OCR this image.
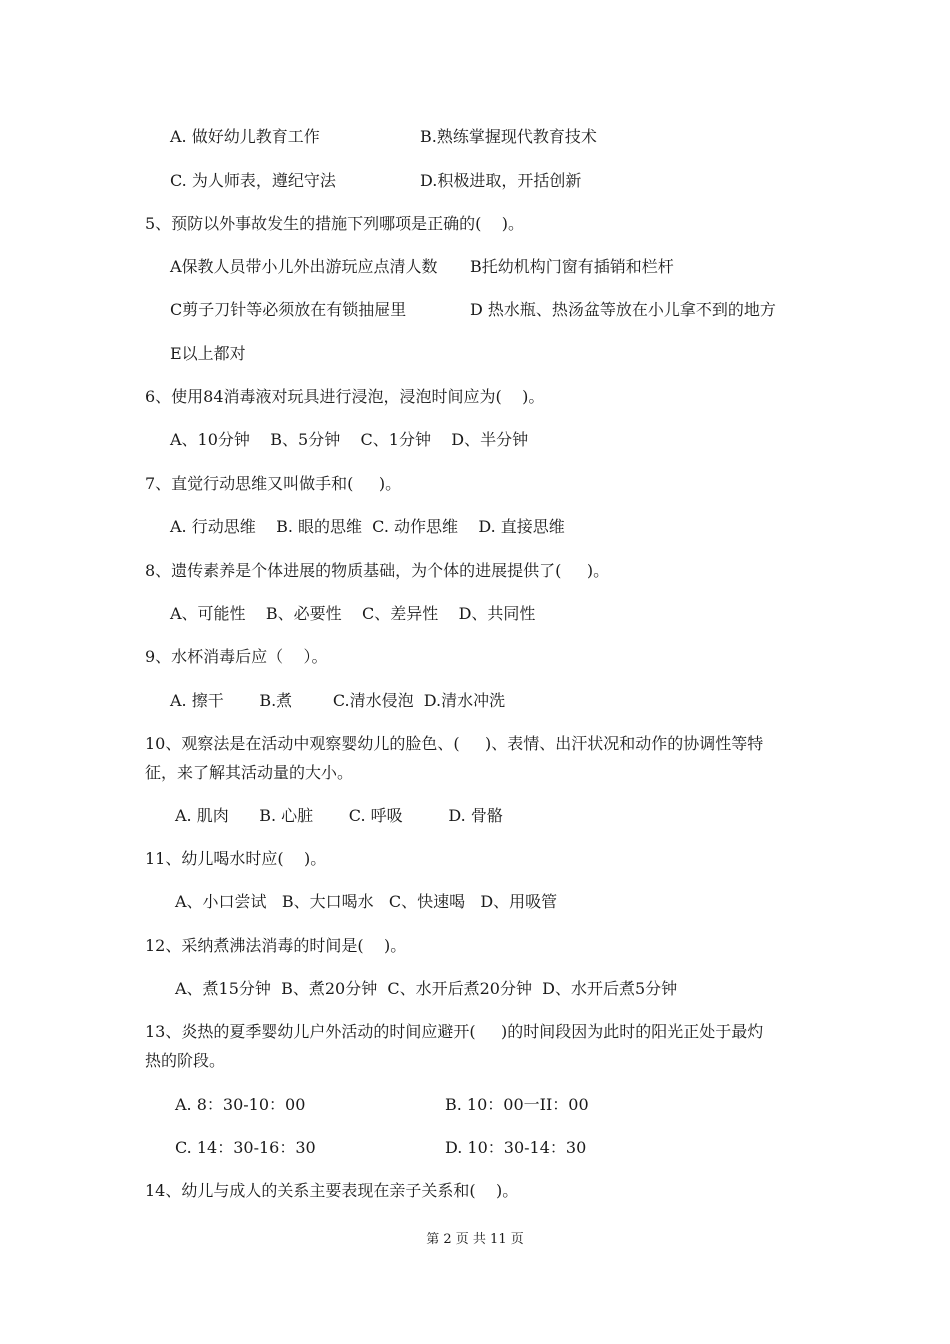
A. 做好幼儿教育工作	B.熟练掌握现代教育技术
C. 为人师表，遵纪守法	D.积极进取，开括创新
5、预防以外事故发生的措施下列哪项是正确的(    )。
A保教人员带小儿外出游玩应点清人数 B托幼机构门窗有插销和栏杆
C剪子刀针等必须放在有锁抽屉里	D 热水瓶、热汤盆等放在小儿拿不到的地方
E以上都对
6、使用84消毒液对玩具进行浸泡，浸泡时间应为(    )。
A、10分钟    B、5分钟    C、1分钟    D、半分钟
7、直觉行动思维又叫做手和(     )。
A. 行动思维    B. 眼的思维  C. 动作思维    D. 直接思维
8、遗传素养是个体进展的物质基础，为个体的进展提供了(     )。
A、可能性    B、必要性    C、差异性    D、共同性
9、水杯消毒后应（    ）。
A. 擦干       B.煮        C.清水侵泡  D.清水冲洗
10、观察法是在活动中观察婴幼儿的脸色、(     )、表情、出汗状况和动作的协调性等特
征，来了解其活动量的大小。
A. 肌肉      B. 心脏       C. 呼吸         D. 骨骼
11、幼儿喝水时应(    )。
A、小口尝试   B、大口喝水   C、快速喝   D、用吸管
12、采纳煮沸法消毒的时间是(    )。
A、煮15分钟  B、煮20分钟  C、水开后煮20分钟  D、水开后煮5分钟
13、炎热的夏季婴幼儿户外活动的时间应避开(     )的时间段因为此时的阳光正处于最灼
热的阶段。
A. 8：30-10：00	B. 10：00一II：00
C. 14：30-16：30	D. 10：30-14：30
14、幼儿与成人的关系主要表现在亲子关系和(    )。
第 2 页 共 11 页
